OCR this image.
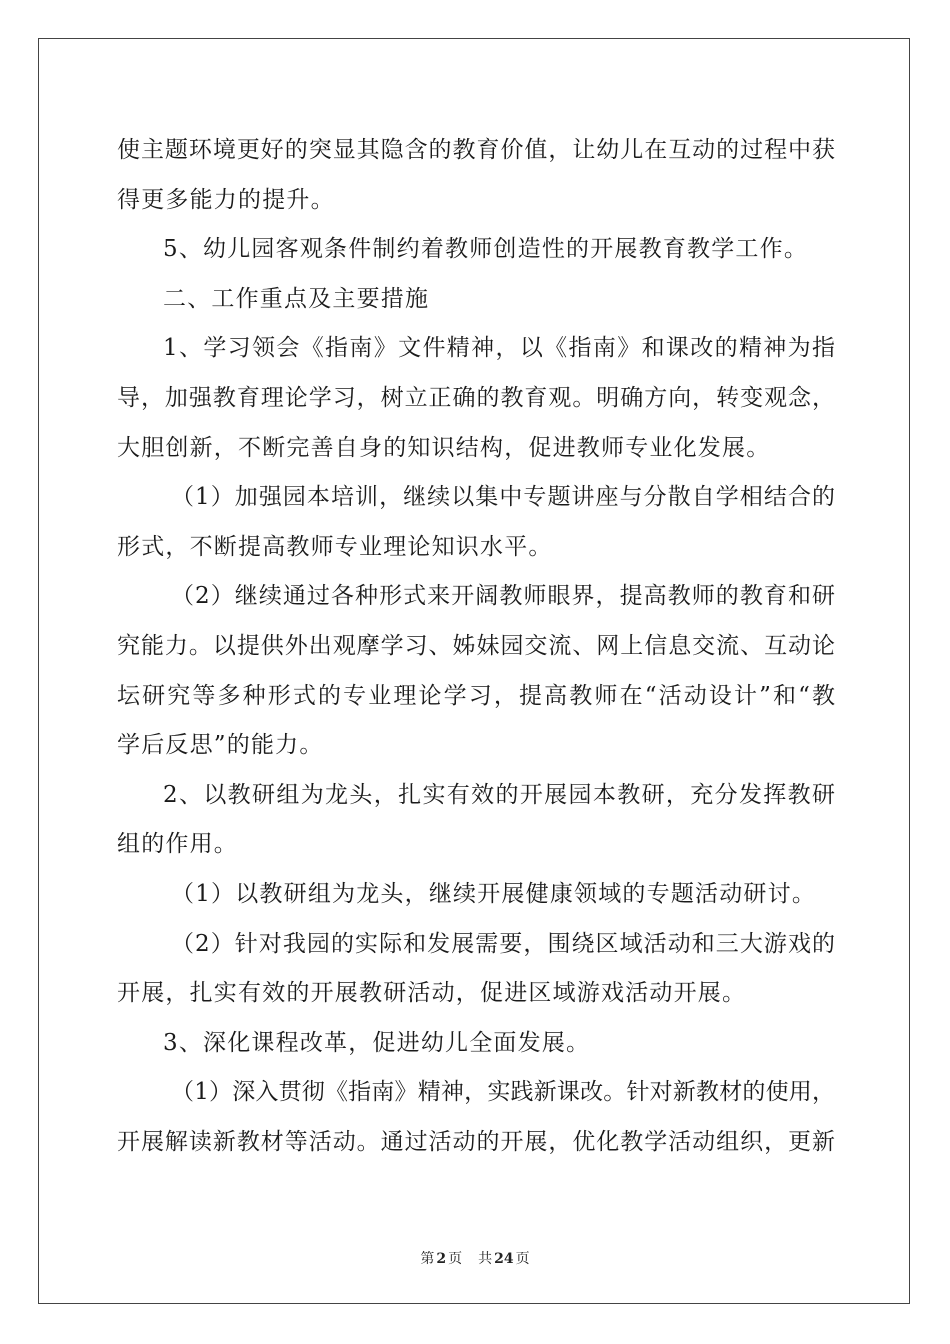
使主题环境更好的突显其隐含的教育价值，让幼儿在互动的过程中获
得更多能力的提升。
5、幼儿园客观条件制约着教师创造性的开展教育教学工作。
二、工作重点及主要措施
1、学习领会《指南》文件精神，以《指南》和课改的精神为指
导，加强教育理论学习，树立正确的教育观。明确方向，转变观念，
大胆创新，不断完善自身的知识结构，促进教师专业化发展。
（1）加强园本培训，继续以集中专题讲座与分散自学相结合的
形式，不断提高教师专业理论知识水平。
（2）继续通过各种形式来开阔教师眼界，提高教师的教育和研
究能力。以提供外出观摩学习、姊妹园交流、网上信息交流、互动论
坛研究等多种形式的专业理论学习，提高教师在“活动设计”和“教
学后反思”的能力。
2、以教研组为龙头，扎实有效的开展园本教研，充分发挥教研
组的作用。
（1）以教研组为龙头，继续开展健康领域的专题活动研讨。
（2）针对我园的实际和发展需要，围绕区域活动和三大游戏的
开展，扎实有效的开展教研活动，促进区域游戏活动开展。
3、深化课程改革，促进幼儿全面发展。
（1）深入贯彻《指南》精神，实践新课改。针对新教材的使用，
开展解读新教材等活动。通过活动的开展，优化教学活动组织，更新
第 2 页 共 24 页
